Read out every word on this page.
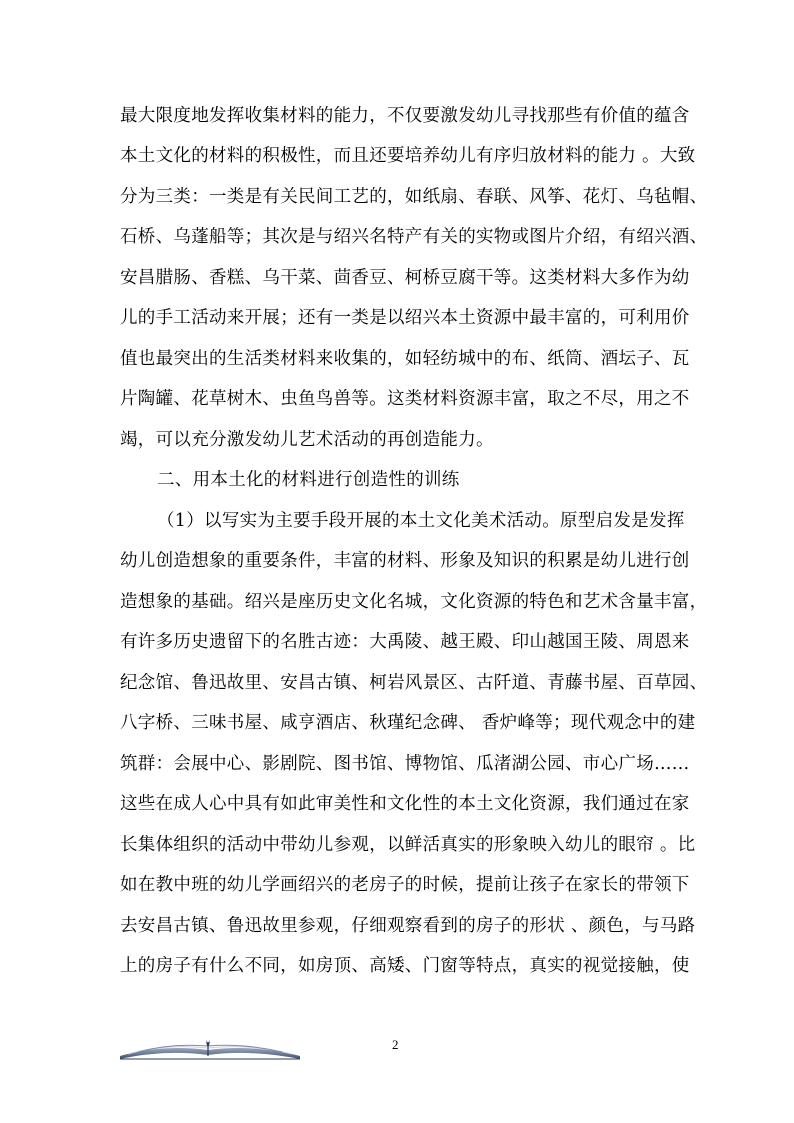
最大限度地发挥收集材料的能力，不仅要激发幼儿寻找那些有价值的蕴含
本土文化的材料的积极性，而且还要培养幼儿有序归放材料的能力 。大致
分为三类：一类是有关民间工艺的，如纸扇、春联、风筝、花灯、乌毡帽、
石桥、乌蓬船等；其次是与绍兴名特产有关的实物或图片介绍，有绍兴酒、
安昌腊肠、香糕、乌干菜、茴香豆、柯桥豆腐干等。这类材料大多作为幼
儿的手工活动来开展；还有一类是以绍兴本土资源中最丰富的，可利用价
值也最突出的生活类材料来收集的，如轻纺城中的布、纸筒、酒坛子、瓦
片陶罐、花草树木、虫鱼鸟兽等。这类材料资源丰富，取之不尽，用之不
竭，可以充分激发幼儿艺术活动的再创造能力。
二、用本土化的材料进行创造性的训练
（1）以写实为主要手段开展的本土文化美术活动。原型启发是发挥
幼儿创造想象的重要条件，丰富的材料、形象及知识的积累是幼儿进行创
造想象的基础。绍兴是座历史文化名城，文化资源的特色和艺术含量丰富，
有许多历史遗留下的名胜古迹：大禹陵、越王殿、印山越国王陵、周恩来
纪念馆、鲁迅故里、安昌古镇、柯岩风景区、古阡道、青藤书屋、百草园、
八字桥、三味书屋、咸亨酒店、秋瑾纪念碑、 香炉峰等；现代观念中的建
筑群：会展中心、影剧院、图书馆、博物馆、瓜渚湖公园、市心广场……
这些在成人心中具有如此审美性和文化性的本土文化资源，我们通过在家
长集体组织的活动中带幼儿参观，以鲜活真实的形象映入幼儿的眼帘 。比
如在教中班的幼儿学画绍兴的老房子的时候，提前让孩子在家长的带领下
去安昌古镇、鲁迅故里参观，仔细观察看到的房子的形状 、颜色，与马路
上的房子有什么不同，如房顶、高矮、门窗等特点，真实的视觉接触，使
2
